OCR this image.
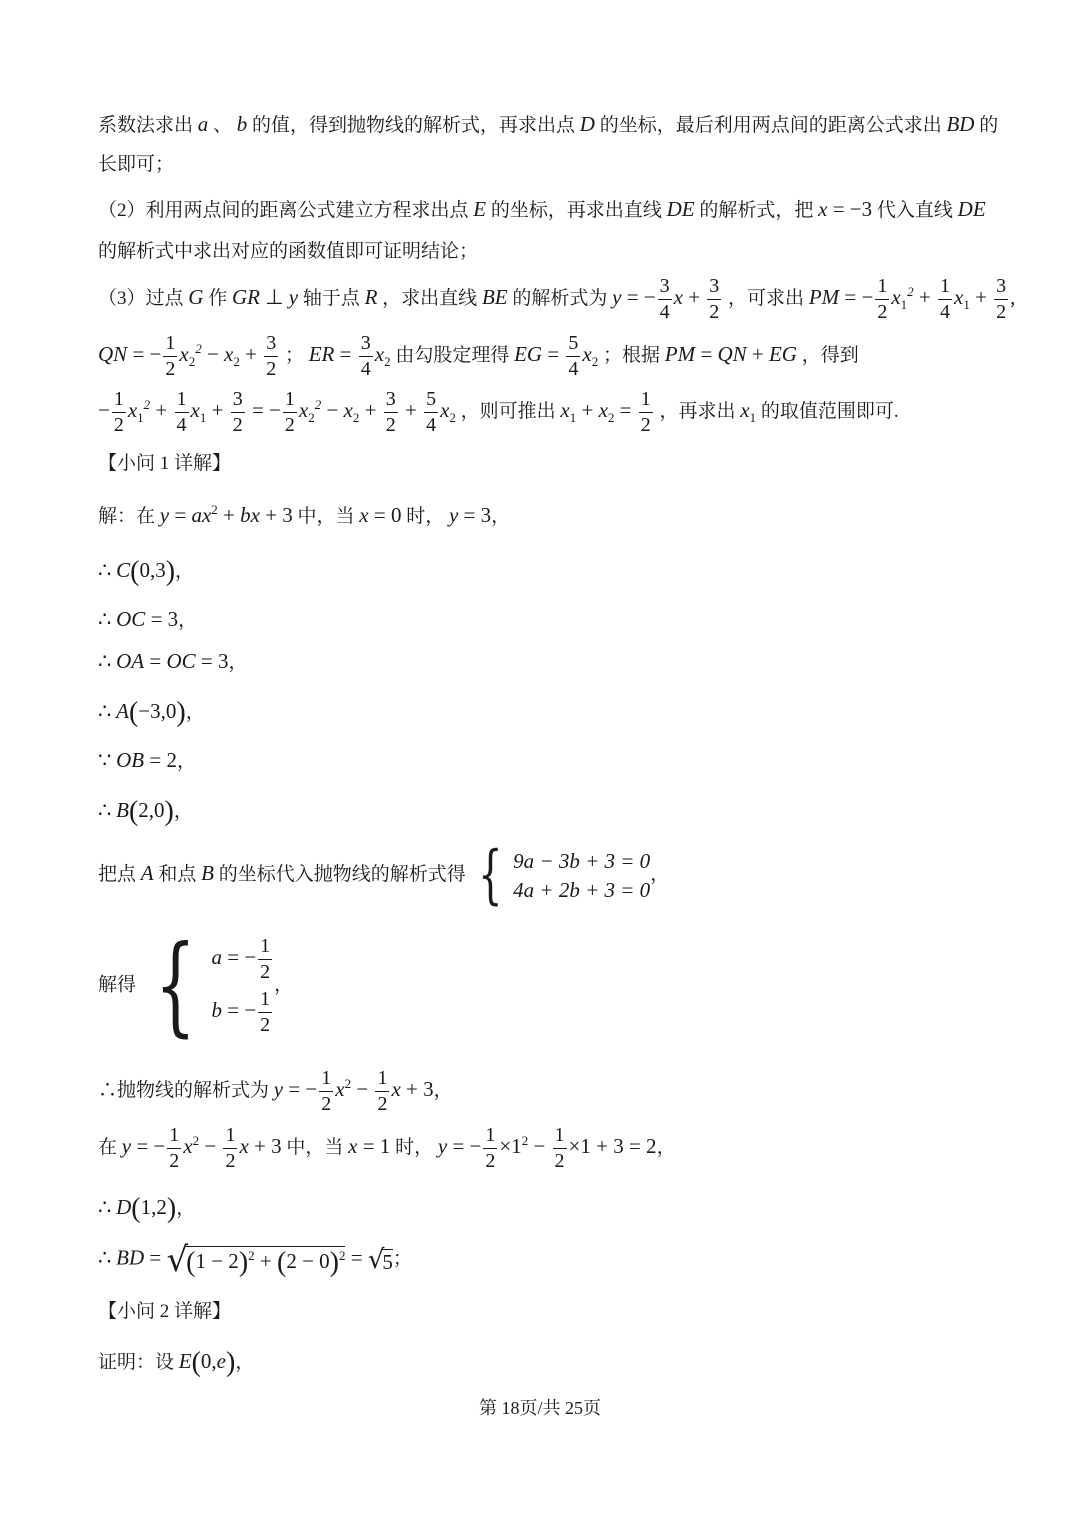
系数法求出 a 、 b 的值，得到抛物线的解析式，再求出点 D 的坐标，最后利用两点间的距离公式求出 BD 的
长即可；
（2）利用两点间的距离公式建立方程求出点 E 的坐标，再求出直线 DE 的解析式，把 x = −3 代入直线 DE
的解析式中求出对应的函数值即可证明结论；
（3）过点 G 作 GR ⊥ y 轴于点 R ，求出直线 BE 的解析式为 y = − $\frac{3}{4}$ $x + \frac{3}{2}$ ，可求出 PM = − $\frac{1}{2} x_1^2 + \frac{1}{4} x_1 + \frac{3}{2}$ ,
QN = − $\frac{1}{2} x_2^2 - x_2 + \frac{3}{2}$ ； ER = $\frac{3}{4} x_2$ 由勾股定理得 EG = $\frac{5}{4} x_2$ ；根据 PM = QN + EG ，得到
− $\frac{1}{2} x_1^2 + \frac{1}{4} x_1 + \frac{3}{2}$ = − $\frac{1}{2} x_2^2 - x_2 + \frac{3}{2} + \frac{5}{4} x_2$ ，则可推出 $x_1 + x_2 = \frac{1}{2}$ ，再求出 $x_1$ 的取值范围即可.
【小问 1 详解】
解：在 $y = ax^2$ + bx + 3 中，当 x = 0 时， y = 3，
∴ C(0,3)，
∴ OC = 3，
∴ OA = OC = 3，
∴ A(−3,0)，
∵ OB = 2，
∴ B(2,0)，
把点 A 和点 B 的坐标代入抛物线的解析式得 { 9a − 3b + 3 = 0
4a + 2b + 3 = 0
，
解得 { a = − $\frac{1}{2}$
b = − $\frac{1}{2}$
，
∴抛物线的解析式为 y = − $\frac{1}{2} x^2 - \frac{1}{2}$ x + 3，
在 y = − $\frac{1}{2} x^2 - \frac{1}{2}$ x + 3 中，当 x = 1 时， y = − $\frac{1}{2} \times 1^2 - \frac{1}{2} \times 1 + 3 = 2$，
∴ D(1,2)，
∴ BD = √
$(1 - 2)^2 + (2 - 0)^2$ = √
5 ；
【小问 2 详解】
证明：设 E(0,e)，
第 18页/共 25页
